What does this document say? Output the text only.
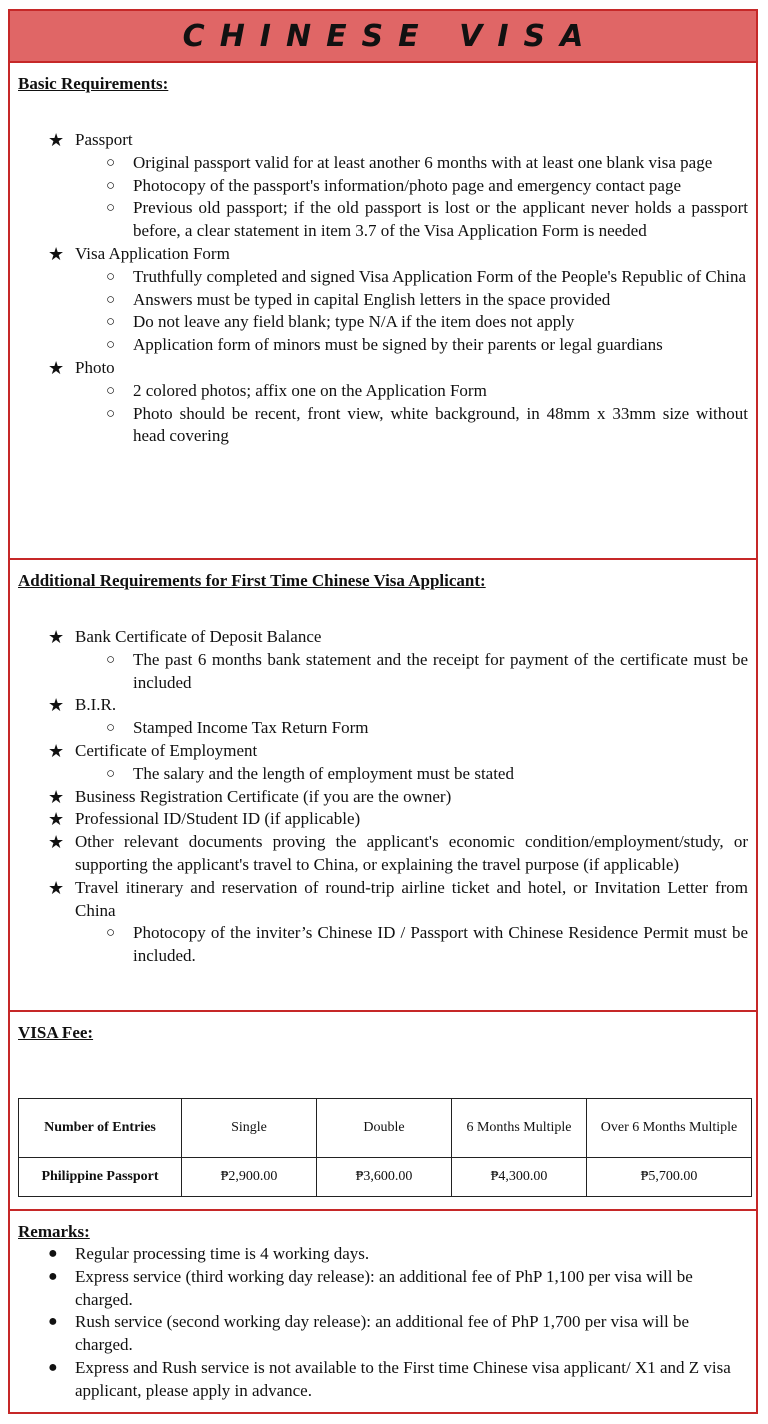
CHINESE VISA

Basic Requirements:

★ Passport
○ Original passport valid for at least another 6 months with at least one blank visa page
○ Photocopy of the passport's information/photo page and emergency contact page
○ Previous old passport; if the old passport is lost or the applicant never holds a passport before, a clear statement in item 3.7 of the Visa Application Form is needed
★ Visa Application Form
○ Truthfully completed and signed Visa Application Form of the People's Republic of China
○ Answers must be typed in capital English letters in the space provided
○ Do not leave any field blank; type N/A if the item does not apply
○ Application form of minors must be signed by their parents or legal guardians
★ Photo
○ 2 colored photos; affix one on the Application Form
○ Photo should be recent, front view, white background, in 48mm x 33mm size without head covering

Additional Requirements for First Time Chinese Visa Applicant:

★ Bank Certificate of Deposit Balance
○ The past 6 months bank statement and the receipt for payment of the certificate must be included
★ B.I.R.
○ Stamped Income Tax Return Form
★ Certificate of Employment
○ The salary and the length of employment must be stated
★ Business Registration Certificate (if you are the owner)
★ Professional ID/Student ID (if applicable)
★ Other relevant documents proving the applicant's economic condition/employment/study, or supporting the applicant's travel to China, or explaining the travel purpose (if applicable)
★ Travel itinerary and reservation of round-trip airline ticket and hotel, or Invitation Letter from China
○ Photocopy of the inviter’s Chinese ID / Passport with Chinese Residence Permit must be included.

VISA Fee:

Number of Entries	Single	Double	6 Months Multiple	Over 6 Months Multiple
Philippine Passport	₱2,900.00	₱3,600.00	₱4,300.00	₱5,700.00

Remarks:

● Regular processing time is 4 working days.
● Express service (third working day release): an additional fee of PhP 1,100 per visa will be charged.
● Rush service (second working day release): an additional fee of PhP 1,700 per visa will be charged.
● Express and Rush service is not available to the First time Chinese visa applicant/ X1 and Z visa applicant, please apply in advance.
